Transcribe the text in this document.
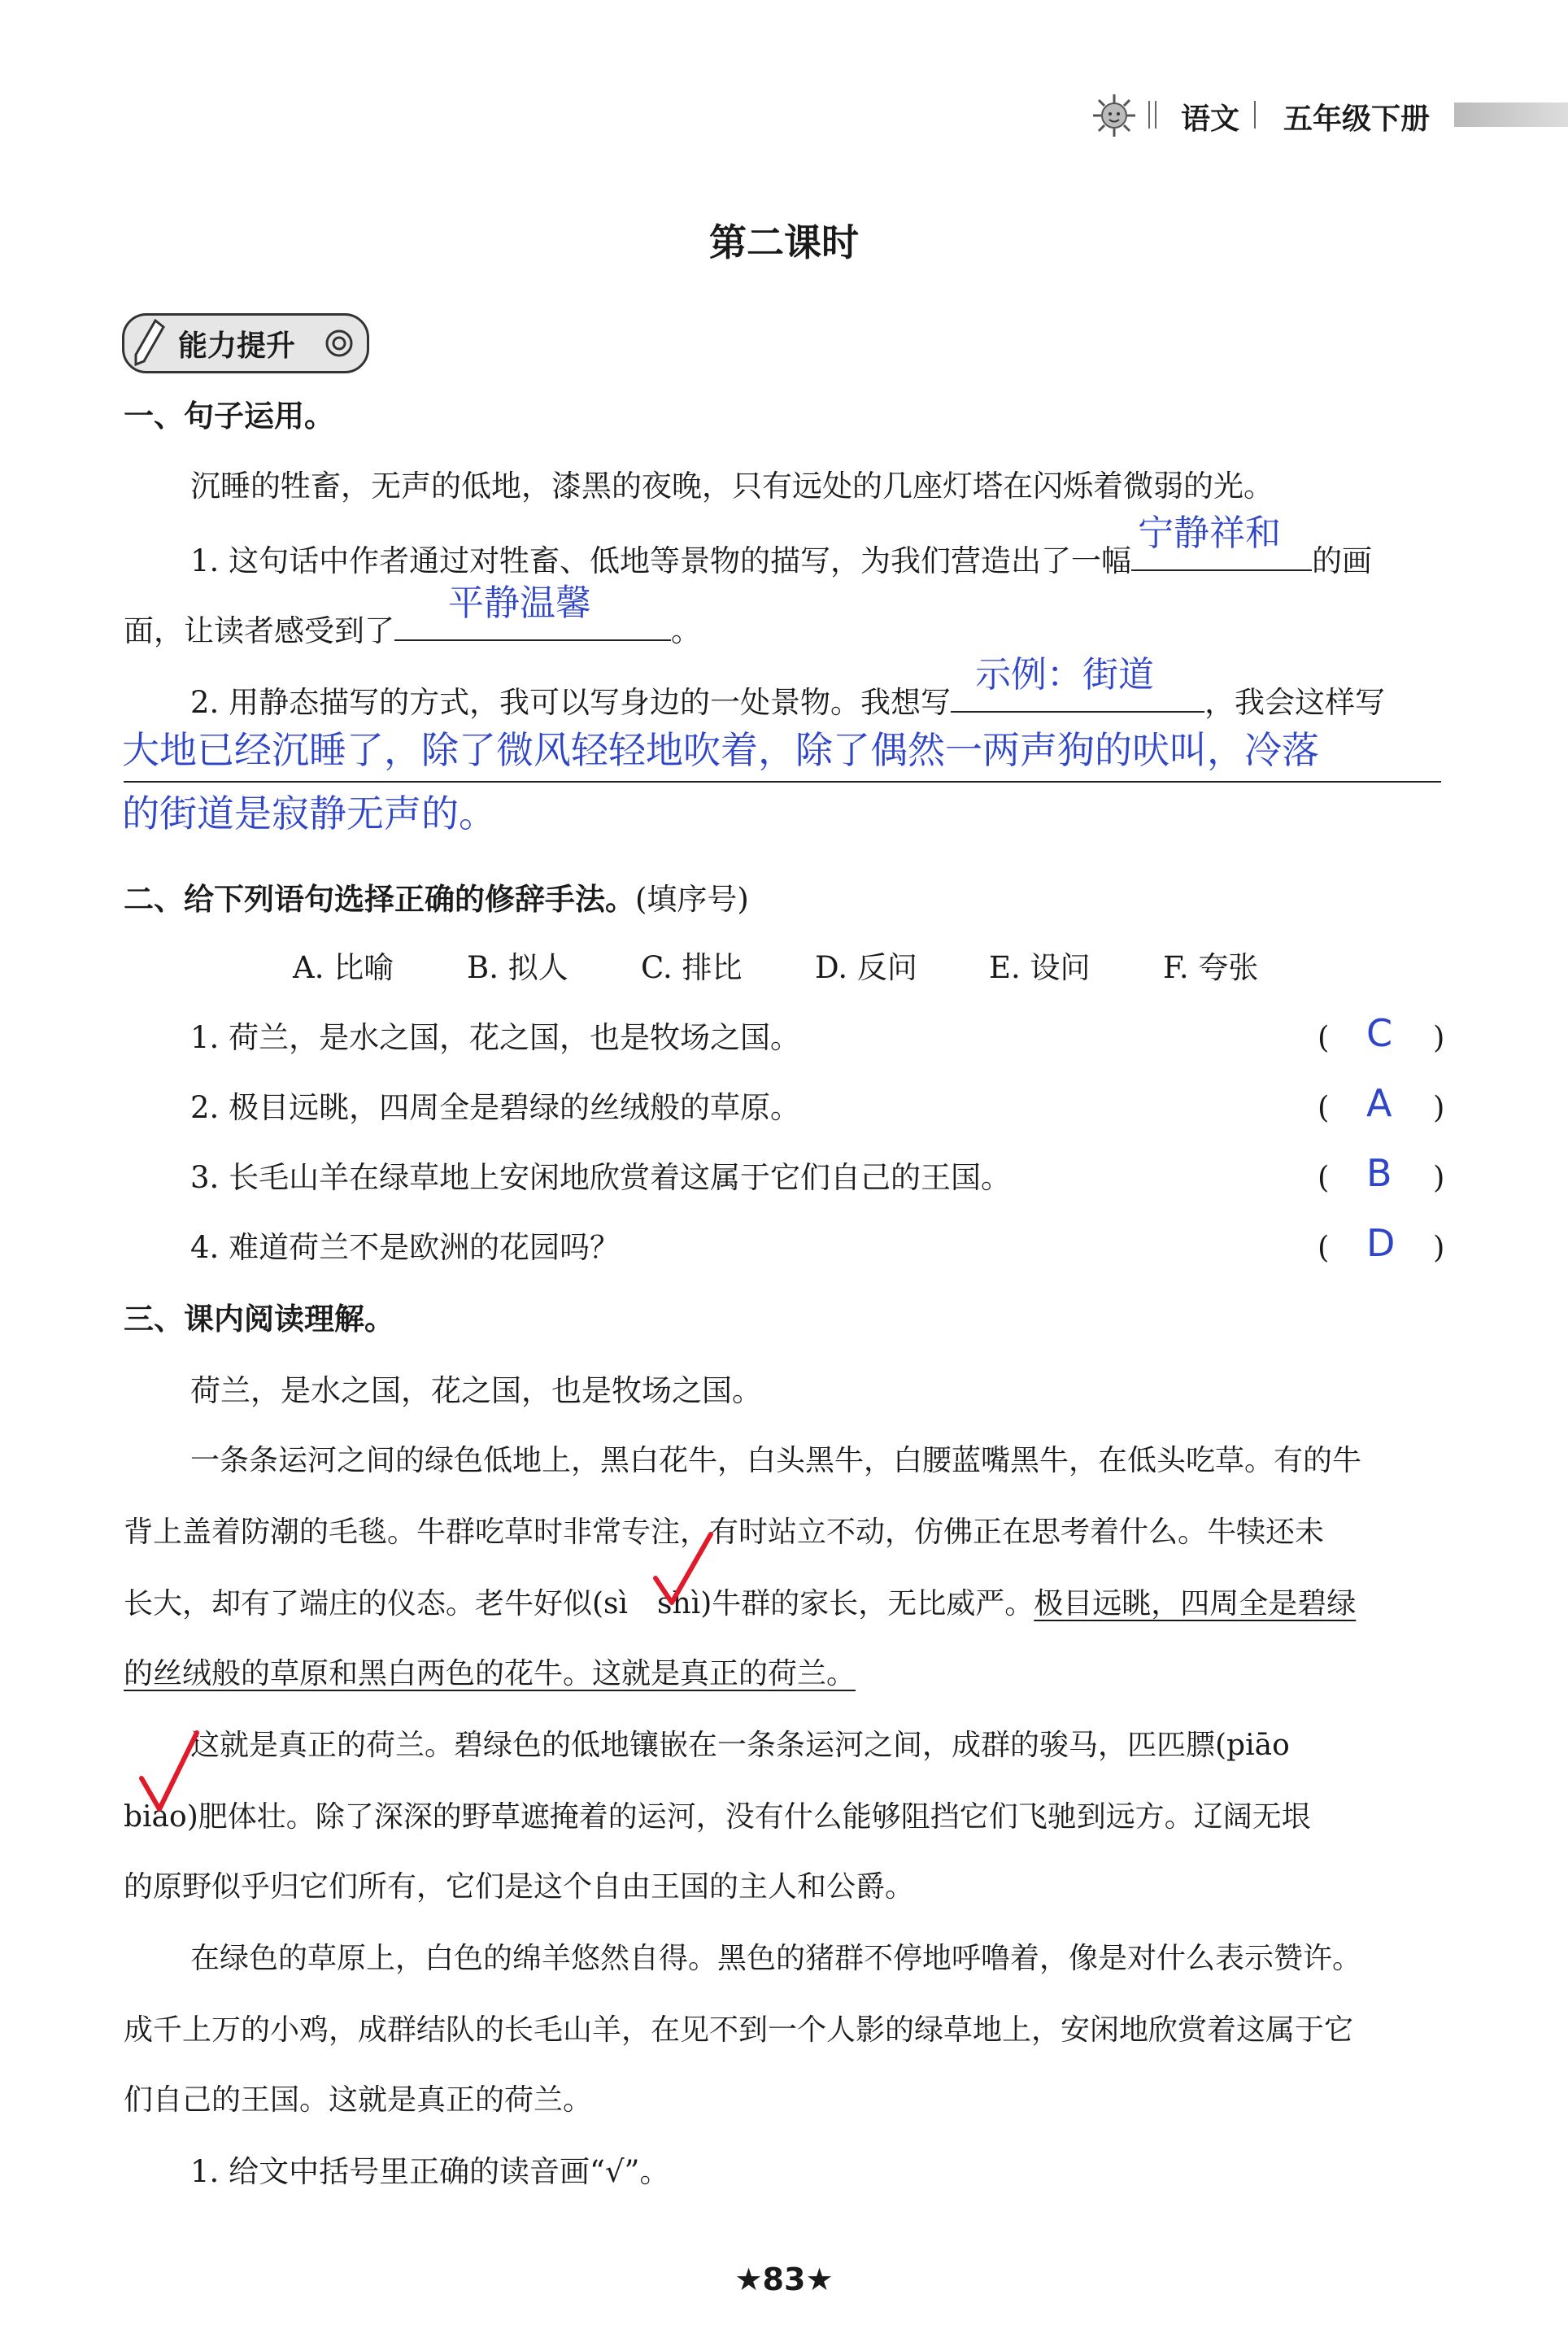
语文 五年级下册
第二课时
能力提升
一、句子运用。
沉睡的牲畜，无声的低地，漆黑的夜晚，只有远处的几座灯塔在闪烁着微弱的光。
1. 这句话中作者通过对牲畜、低地等景物的描写，为我们营造出了一幅
宁静祥和
的画
面，让读者感受到了
平静温馨
。
2. 用静态描写的方式，我可以写身边的一处景物。我想写
示例：街道
，我会这样写
大地已经沉睡了，除了微风轻轻地吹着，除了偶然一两声狗的吠叫，冷落
的街道是寂静无声的。
二、给下列语句选择正确的修辞手法。(填序号)
A. 比喻 B. 拟人 C. 排比 D. 反问 E. 设问 F. 夸张
1. 荷兰，是水之国，花之国，也是牧场之国。
2. 极目远眺，四周全是碧绿的丝绒般的草原。
3. 长毛山羊在绿草地上安闲地欣赏着这属于它们自己的王国。
4. 难道荷兰不是欧洲的花园吗？
( C )
( A )
( B )
( D )
三、课内阅读理解。
荷兰，是水之国，花之国，也是牧场之国。
一条条运河之间的绿色低地上，黑白花牛，白头黑牛，白腰蓝嘴黑牛，在低头吃草。有的牛
背上盖着防潮的毛毯。牛群吃草时非常专注，有时站立不动，仿佛正在思考着什么。牛犊还未
长大，却有了端庄的仪态。老牛好似(sì　shì)牛群的家长，无比威严。极目远眺，四周全是碧绿
的丝绒般的草原和黑白两色的花牛。这就是真正的荷兰。
这就是真正的荷兰。碧绿色的低地镶嵌在一条条运河之间，成群的骏马，匹匹膘(piāo
biāo)肥体壮。除了深深的野草遮掩着的运河，没有什么能够阻挡它们飞驰到远方。辽阔无垠
的原野似乎归它们所有，它们是这个自由王国的主人和公爵。
在绿色的草原上，白色的绵羊悠然自得。黑色的猪群不停地呼噜着，像是对什么表示赞许。
成千上万的小鸡，成群结队的长毛山羊，在见不到一个人影的绿草地上，安闲地欣赏着这属于它
们自己的王国。这就是真正的荷兰。
1. 给文中括号里正确的读音画“√”。
★83★
